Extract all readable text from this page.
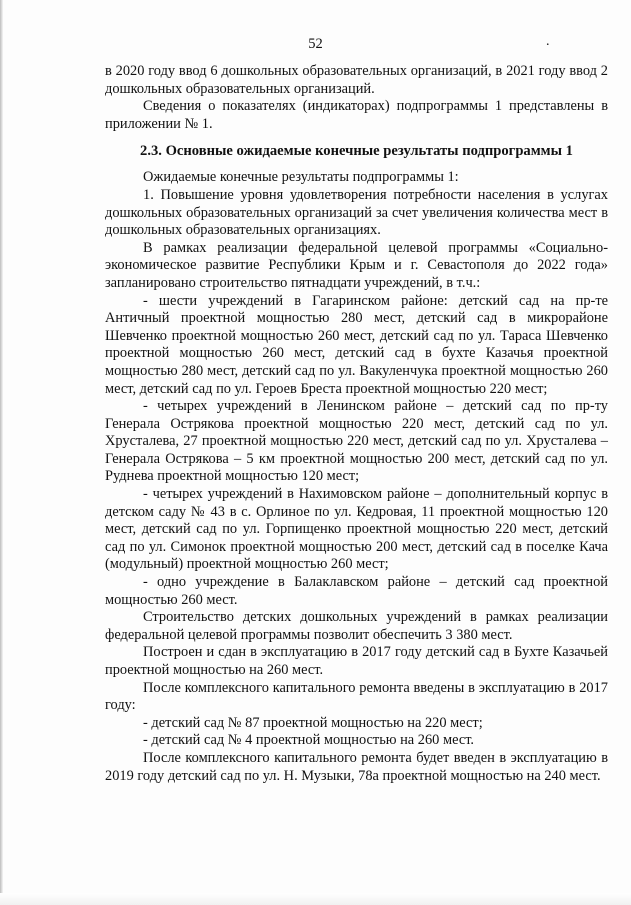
52	.

в 2020 году ввод 6 дошкольных образовательных организаций, в 2021 году ввод 2 дошкольных образовательных организаций.

Сведения о показателях (индикаторах) подпрограммы 1 представлены в приложении № 1.

2.3. Основные ожидаемые конечные результаты подпрограммы 1

Ожидаемые конечные результаты подпрограммы 1:

1. Повышение уровня удовлетворения потребности населения в услугах дошкольных образовательных организаций за счет увеличения количества мест в дошкольных образовательных организациях.

В рамках реализации федеральной целевой программы «Социально-экономическое развитие Республики Крым и г. Севастополя до 2022 года» запланировано строительство пятнадцати учреждений, в т.ч.:

- шести учреждений в Гагаринском районе: детский сад на пр-те Античный проектной мощностью 280 мест, детский сад в микрорайоне Шевченко проектной мощностью 260 мест, детский сад по ул. Тараса Шевченко проектной мощностью 260 мест, детский сад в бухте Казачья проектной мощностью 280 мест, детский сад по ул. Вакуленчука проектной мощностью 260 мест, детский сад по ул. Героев Бреста проектной мощностью 220 мест;

- четырех учреждений в Ленинском районе – детский сад по пр-ту Генерала Острякова проектной мощностью 220 мест, детский сад по ул. Хрусталева, 27 проектной мощностью 220 мест, детский сад по ул. Хрусталева – Генерала Острякова – 5 км проектной мощностью 200 мест, детский сад по ул. Руднева проектной мощностью 120 мест;

- четырех учреждений в Нахимовском районе – дополнительный корпус в детском саду № 43 в с. Орлиное по ул. Кедровая, 11 проектной мощностью 120 мест, детский сад по ул. Горпищенко проектной мощностью 220 мест, детский сад по ул. Симонок проектной мощностью 200 мест, детский сад в поселке Кача (модульный) проектной мощностью 260 мест;

- одно учреждение в Балаклавском районе – детский сад проектной мощностью 260 мест.

Строительство детских дошкольных учреждений в рамках реализации федеральной целевой программы позволит обеспечить 3 380 мест.

Построен и сдан в эксплуатацию в 2017 году детский сад в Бухте Казачьей проектной мощностью на 260 мест.

После комплексного капитального ремонта введены в эксплуатацию в 2017 году:

- детский сад № 87 проектной мощностью на 220 мест;

- детский сад № 4 проектной мощностью на 260 мест.

После комплексного капитального ремонта будет введен в эксплуатацию в 2019 году детский сад по ул. Н. Музыки, 78а проектной мощностью на 240 мест.
